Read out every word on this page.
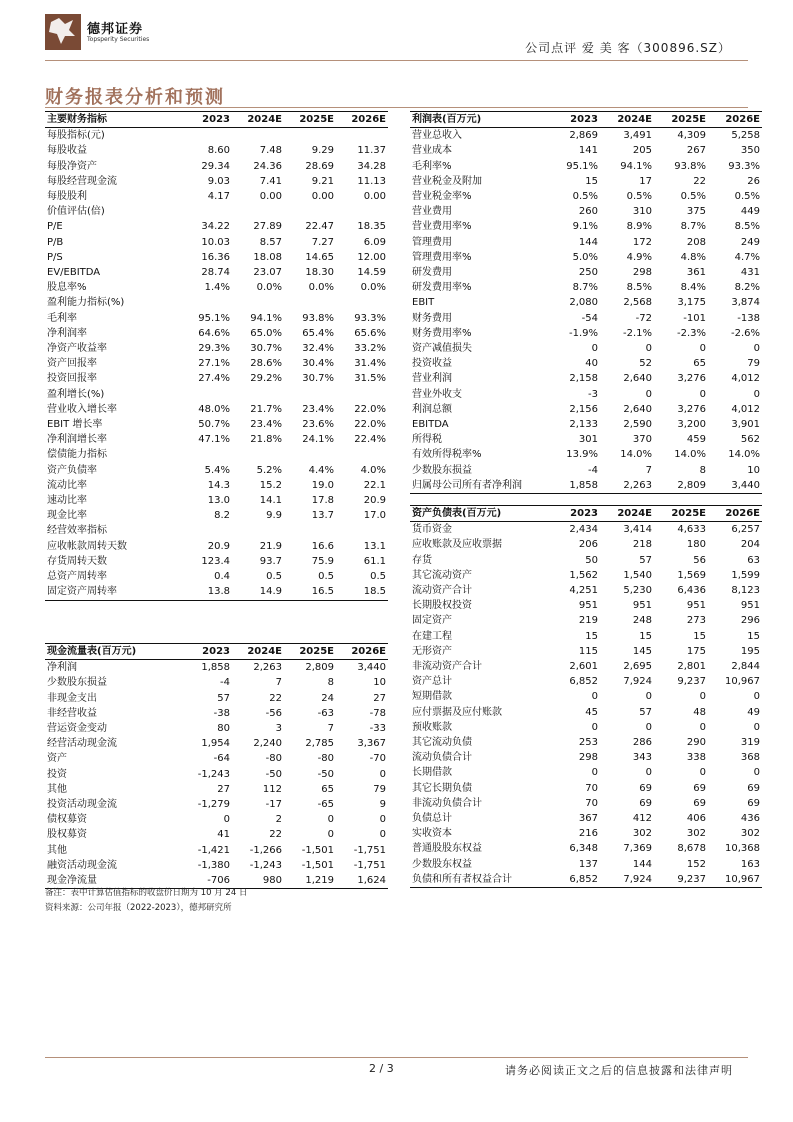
德邦证券
Topsperity Securities
公司点评 爱 美 客（300896.SZ）
财务报表分析和预测
主要财务指标	2023	2024E	2025E	2026E
每股指标(元)				
每股收益	8.60	7.48	9.29	11.37
每股净资产	29.34	24.36	28.69	34.28
每股经营现金流	9.03	7.41	9.21	11.13
每股股利	4.17	0.00	0.00	0.00
价值评估(倍)				
P/E	34.22	27.89	22.47	18.35
P/B	10.03	8.57	7.27	6.09
P/S	16.36	18.08	14.65	12.00
EV/EBITDA	28.74	23.07	18.30	14.59
股息率%	1.4%	0.0%	0.0%	0.0%
盈利能力指标(%)				
毛利率	95.1%	94.1%	93.8%	93.3%
净利润率	64.6%	65.0%	65.4%	65.6%
净资产收益率	29.3%	30.7%	32.4%	33.2%
资产回报率	27.1%	28.6%	30.4%	31.4%
投资回报率	27.4%	29.2%	30.7%	31.5%
盈利增长(%)				
营业收入增长率	48.0%	21.7%	23.4%	22.0%
EBIT 增长率	50.7%	23.4%	23.6%	22.0%
净利润增长率	47.1%	21.8%	24.1%	22.4%
偿债能力指标				
资产负债率	5.4%	5.2%	4.4%	4.0%
流动比率	14.3	15.2	19.0	22.1
速动比率	13.0	14.1	17.8	20.9
现金比率	8.2	9.9	13.7	17.0
经营效率指标				
应收帐款周转天数	20.9	21.9	16.6	13.1
存货周转天数	123.4	93.7	75.9	61.1
总资产周转率	0.4	0.5	0.5	0.5
固定资产周转率	13.8	14.9	16.5	18.5
现金流量表(百万元)	2023	2024E	2025E	2026E
净利润	1,858	2,263	2,809	3,440
少数股东损益	-4	7	8	10
非现金支出	57	22	24	27
非经营收益	-38	-56	-63	-78
营运资金变动	80	3	7	-33
经营活动现金流	1,954	2,240	2,785	3,367
资产	-64	-80	-80	-70
投资	-1,243	-50	-50	0
其他	27	112	65	79
投资活动现金流	-1,279	-17	-65	9
债权募资	0	2	0	0
股权募资	41	22	0	0
其他	-1,421	-1,266	-1,501	-1,751
融资活动现金流	-1,380	-1,243	-1,501	-1,751
现金净流量	-706	980	1,219	1,624
利润表(百万元)	2023	2024E	2025E	2026E
营业总收入	2,869	3,491	4,309	5,258
营业成本	141	205	267	350
毛利率%	95.1%	94.1%	93.8%	93.3%
营业税金及附加	15	17	22	26
营业税金率%	0.5%	0.5%	0.5%	0.5%
营业费用	260	310	375	449
营业费用率%	9.1%	8.9%	8.7%	8.5%
管理费用	144	172	208	249
管理费用率%	5.0%	4.9%	4.8%	4.7%
研发费用	250	298	361	431
研发费用率%	8.7%	8.5%	8.4%	8.2%
EBIT	2,080	2,568	3,175	3,874
财务费用	-54	-72	-101	-138
财务费用率%	-1.9%	-2.1%	-2.3%	-2.6%
资产减值损失	0	0	0	0
投资收益	40	52	65	79
营业利润	2,158	2,640	3,276	4,012
营业外收支	-3	0	0	0
利润总额	2,156	2,640	3,276	4,012
EBITDA	2,133	2,590	3,200	3,901
所得税	301	370	459	562
有效所得税率%	13.9%	14.0%	14.0%	14.0%
少数股东损益	-4	7	8	10
归属母公司所有者净利润	1,858	2,263	2,809	3,440
资产负债表(百万元)	2023	2024E	2025E	2026E
货币资金	2,434	3,414	4,633	6,257
应收账款及应收票据	206	218	180	204
存货	50	57	56	63
其它流动资产	1,562	1,540	1,569	1,599
流动资产合计	4,251	5,230	6,436	8,123
长期股权投资	951	951	951	951
固定资产	219	248	273	296
在建工程	15	15	15	15
无形资产	115	145	175	195
非流动资产合计	2,601	2,695	2,801	2,844
资产总计	6,852	7,924	9,237	10,967
短期借款	0	0	0	0
应付票据及应付账款	45	57	48	49
预收账款	0	0	0	0
其它流动负债	253	286	290	319
流动负债合计	298	343	338	368
长期借款	0	0	0	0
其它长期负债	70	69	69	69
非流动负债合计	70	69	69	69
负债总计	367	412	406	436
实收资本	216	302	302	302
普通股股东权益	6,348	7,369	8,678	10,368
少数股东权益	137	144	152	163
负债和所有者权益合计	6,852	7,924	9,237	10,967
备注：表中计算估值指标的收盘价日期为 10 月 24 日
资料来源：公司年报（2022-2023），德邦研究所
2 / 3	请务必阅读正文之后的信息披露和法律声明
